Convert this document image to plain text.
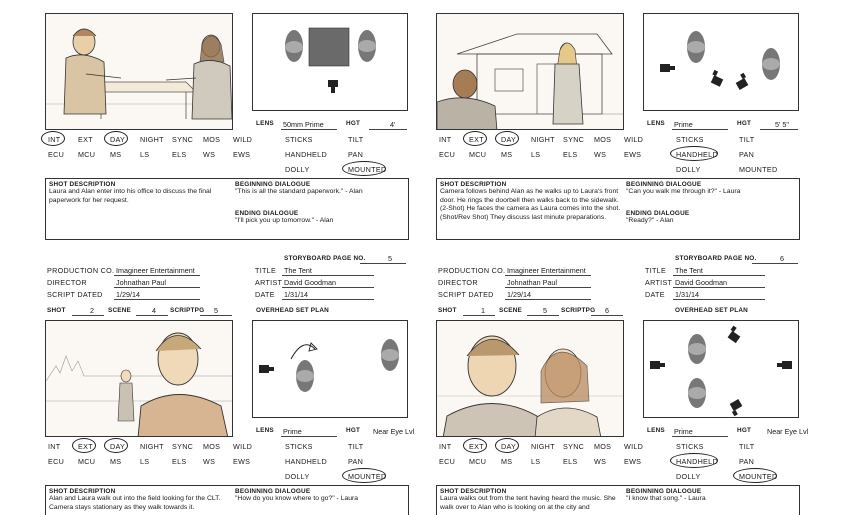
LENS 50mm Prime	HGT	4'
INT EXT DAY NIGHT SYNC MOS WILD
ECU MCU MS	LS	ELS WS EWS
STICKS
HANDHELD
DOLLY
TILT
PAN
MOUNTED
SHOT DESCRIPTION
Laura and Alan enter into his office to discuss the final paperwork for her request.
BEGINNING DIALOGUE
"This is all the standard paperwork." - Alan
ENDING DIALOGUE
"I'll pick you up tomorrow." - Alan
LENS Prime	HGT	5' 5"
INT EXT DAY NIGHT SYNC MOS WILD
ECU MCU MS	LS	ELS WS EWS
STICKS
HANDHELD
DOLLY
TILT
PAN
MOUNTED
SHOT DESCRIPTION
Camera follows behind Alan as he walks up to Laura's front door. He rings the doorbell then walks back to the sidewalk. (2-Shot) He faces the camera as Laura comes into the shot. (Shot/Rev Shot) They discuss last minute preparations.
BEGINNING DIALOGUE
"Can you walk me through it?" - Laura
ENDING DIALOGUE
"Ready?" - Alan
STORYBOARD PAGE NO.	5
PRODUCTION CO. Imagineer Entertainment
DIRECTOR	Johnathan Paul
SCRIPT DATED 1/29/14
TITLE The Tent
ARTIST David Goodman
DATE 1/31/14
SHOT	2 SCENE	4 SCRIPTPG 5	OVERHEAD SET PLAN
STORYBOARD PAGE NO.	6
PRODUCTION CO. Imagineer Entertainment
DIRECTOR	Johnathan Paul
SCRIPT DATED 1/29/14
TITLE The Tent
ARTIST David Goodman
DATE 1/31/14
SHOT	1 SCENE	5 SCRIPTPG 6	OVERHEAD SET PLAN
LENS Prime	HGT Near Eye Lvl
INT EXT DAY NIGHT SYNC MOS WILD
ECU MCU MS	LS	ELS WS EWS
STICKS
HANDHELD
DOLLY
TILT
PAN
MOUNTED
SHOT DESCRIPTION
Alan and Laura walk out into the field looking for the CLT. Camera stays stationary as they walk towards it.
BEGINNING DIALOGUE
"How do you know where to go?" - Laura
LENS Prime	HGT Near Eye Lvl
INT EXT DAY NIGHT SYNC MOS WILD
ECU MCU MS	LS	ELS WS EWS
STICKS
HANDHELD
DOLLY
TILT
PAN
MOUNTED
SHOT DESCRIPTION
Laura walks out from the tent having heard the music. She walk over to Alan who is looking on at the city and
BEGINNING DIALOGUE
"I know that song." - Laura
